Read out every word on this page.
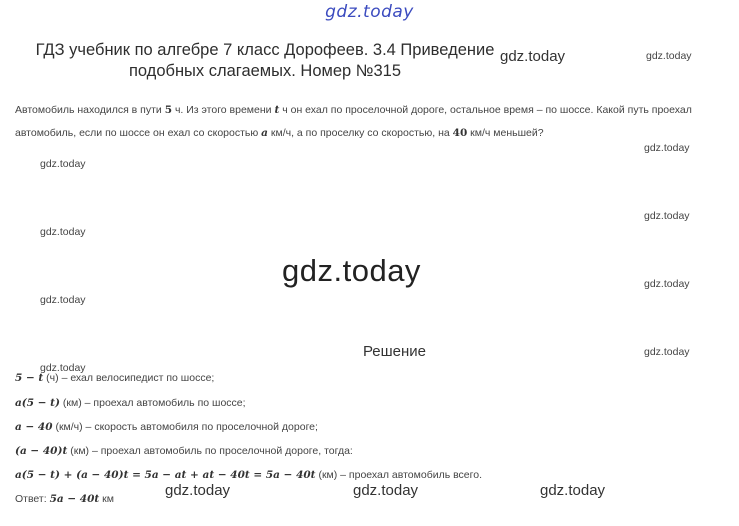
gdz.today
ГДЗ учебник по алгебре 7 класс Дорофеев. 3.4 Приведение подобных слагаемых. Номер №315
gdz.today
gdz.today
gdz.today
gdz.today
gdz.today
gdz.today
gdz.today
gdz.today
gdz.today
gdz.today
gdz.today
gdz.today	gdz.today	gdz.today
Автомобиль находился в пути 5 ч. Из этого времени t ч он ехал по проселочной дороге, остальное время – по шоссе. Какой путь проехал автомобиль, если по шоссе он ехал со скоростью a км/ч, а по проселку со скоростью, на 40 км/ч меньшей?
Решение
5 − t (ч) – ехал велосипедист по шоссе;
a(5 − t) (км) – проехал автомобиль по шоссе;
a − 40 (км/ч) – скорость автомобиля по проселочной дороге;
(a − 40)t (км) – проехал автомобиль по проселочной дороге, тогда:
a(5 − t) + (a − 40)t = 5a − at + at − 40t = 5a − 40t (км) – проехал автомобиль всего.
Ответ: 5a − 40t км
